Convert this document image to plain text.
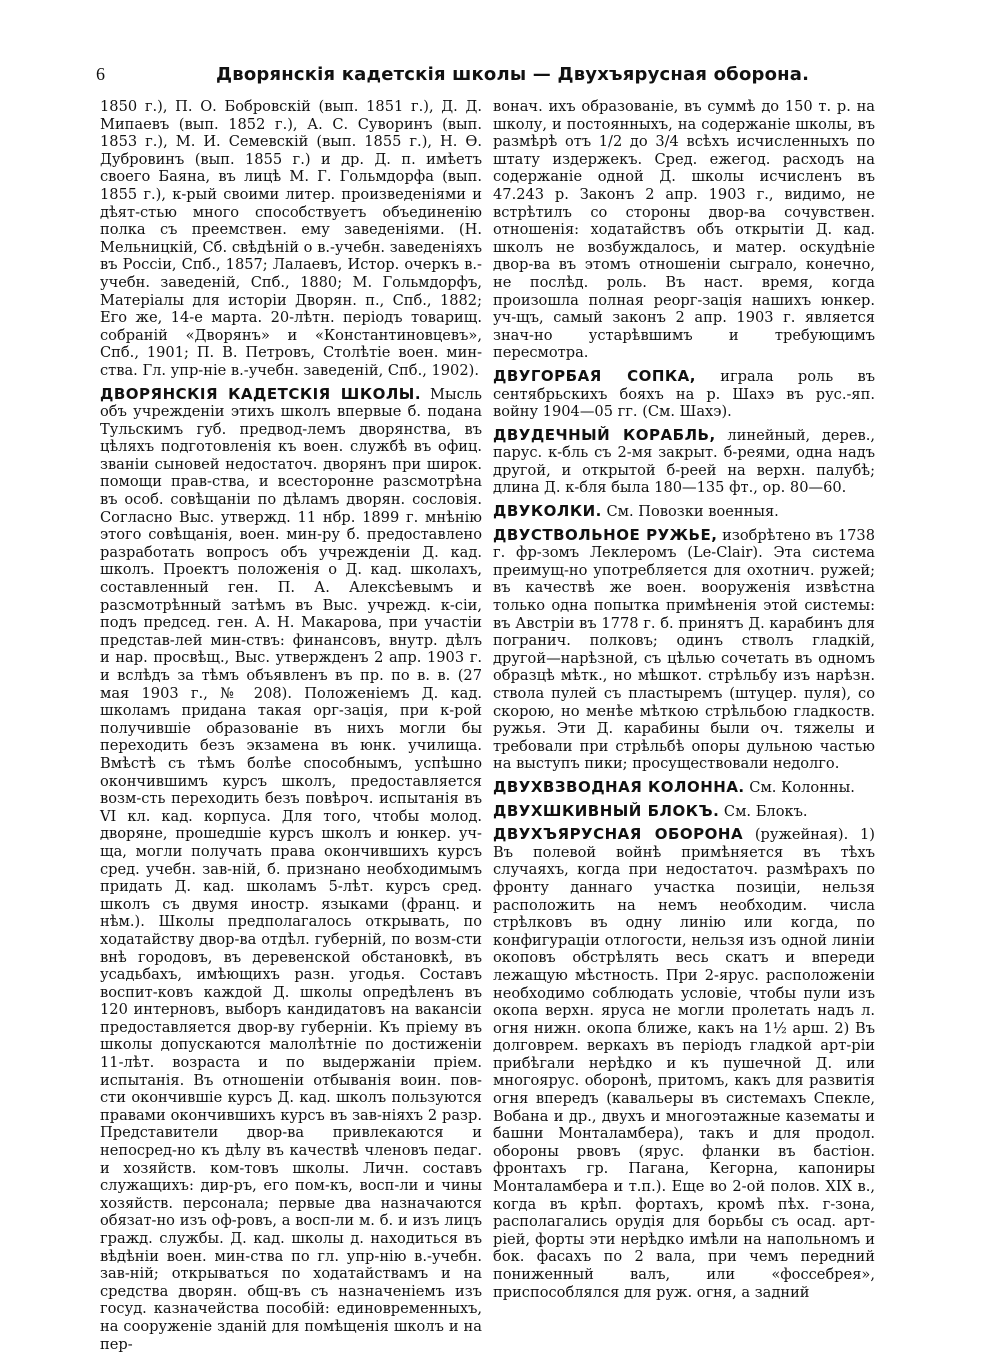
6	Дворянскiя кадетскiя школы — Двухъярусная оборона.

1850 г.), П. О. Бобровскiй (вып. 1851 г.), Д. Д. Мипаевъ (вып. 1852 г.), А. С. Суворинъ (вып. 1853 г.), М. И. Семевскiй (вып. 1855 г.), Н. Ѳ. Дубровинъ (вып. 1855 г.) и др. Д. п. имѣетъ своего Баяна, въ лицѣ М. Г. Гольмдорфа (вып. 1855 г.), к-рый своими литер. произведенiями и дѣят-стью много способствуетъ объединенiю полка съ преемствен. ему заведенiями. (Н. Мельницкiй, Сб. свѣдѣнiй о в.-учебн. заведенiяхъ въ Россiи, Спб., 1857; Лалаевъ, Истор. очеркъ в.-учебн. заведенiй, Спб., 1880; М. Гольмдорфъ, Матерiалы для исторiи Дворян. п., Спб., 1882; Его же, 14-е марта. 20-лѣтн. перiодъ товарищ. собранiй «Дворянъ» и «Константиновцевъ», Спб., 1901; П. В. Петровъ, Столѣтiе воен. мин-ства. Гл. упр-нiе в.-учебн. заведенiй, Спб., 1902).

ДВОРЯНСКIЯ КАДЕТСКIЯ ШКОЛЫ. Мысль объ учрежденiи этихъ школъ впервые б. подана Тульскимъ губ. предвод-лемъ дворянства, въ цѣляхъ подготовленiя къ воен. службѣ въ офиц. званiи сыновей недостаточ. дворянъ при широк. помощи прав-ства, и всесторонне разсмотрѣна въ особ. совѣщанiи по дѣламъ дворян. сословiя. Согласно Выс. утвержд. 11 нбр. 1899 г. мнѣнiю этого совѣщанiя, воен. мин-ру б. предоставлено разработать вопросъ объ учрежденiи Д. кад. школъ. Проектъ положенiя о Д. кад. школахъ, составленный ген. П. А. Алексѣевымъ и разсмотрѣнный затѣмъ въ Выс. учрежд. к-сiи, подъ председ. ген. А. Н. Макарова, при участiи представ-лей мин-ствъ: финансовъ, внутр. дѣлъ и нар. просвѣщ., Выс. утвержденъ 2 апр. 1903 г. и вслѣдъ за тѣмъ объявленъ въ пр. по в. в. (27 мая 1903 г., № 208). Положенiемъ Д. кад. школамъ придана такая орг-зацiя, при к-рой получившiе образованiе въ нихъ могли бы переходить безъ экзамена въ юнк. училища. Вмѣстѣ съ тѣмъ болѣе способнымъ, успѣшно окончившимъ курсъ школъ, предоставляется возм-сть переходить безъ повѣроч. испытанiя въ VI кл. кад. корпуса. Для того, чтобы молод. дворяне, прошедшiе курсъ школъ и юнкер. уч-ща, могли получать права окончившихъ курсъ сред. учебн. зав-нiй, б. признано необходимымъ придать Д. кад. школамъ 5-лѣт. курсъ сред. школъ съ двумя иностр. языками (франц. и нѣм.). Школы предполагалось открывать, по ходатайству двор-ва отдѣл. губернiй, по возм-сти внѣ городовъ, въ деревенской обстановкѣ, въ усадьбахъ, имѣющихъ разн. угодья. Составъ воспит-ковъ каждой Д. школы опредѣленъ въ 120 интерновъ, выборъ кандидатовъ на вакансiи предоставляется двор-ву губернiи. Къ прiему въ школы допускаются малолѣтнiе по достиженiи 11-лѣт. возраста и по выдержанiи прiем. испытанiя. Въ отношенiи отбыванiя воин. пов-сти окончившiе курсъ Д. кад. школъ пользуются правами окончившихъ курсъ въ зав-нiяхъ 2 разр. Представители двор-ва привлекаются и непосред-но къ дѣлу въ качествѣ членовъ педаг. и хозяйств. ком-товъ школы. Личн. составъ служащихъ: дир-ръ, его пом-къ, восп-ли и чины хозяйств. персонала; первые два назначаются обязат-но изъ оф-ровъ, а восп-ли м. б. и изъ лицъ гражд. службы. Д. кад. школы д. находиться въ вѣдѣнiи воен. мин-ства по гл. упр-нiю в.-учебн. зав-нiй; открываться по ходатайствамъ и на средства дворян. общ-въ съ назначенiемъ изъ госуд. казначейства пособiй: единовременныхъ, на сооруженiе зданiй для помѣщенiя школъ и на пер-

вонач. ихъ образованiе, въ суммѣ до 150 т. р. на школу, и постоянныхъ, на содержанiе школы, въ размѣрѣ отъ 1/2 до 3/4 всѣхъ исчисленныхъ по штату издержекъ. Сред. ежегод. расходъ на содержанiе одной Д. школы исчисленъ въ 47.243 р. Законъ 2 апр. 1903 г., видимо, не встрѣтилъ со стороны двор-ва сочувствен. отношенiя: ходатайствъ объ открытiи Д. кад. школъ не возбуждалось, и матер. оскудѣнiе двор-ва въ этомъ отношенiи сыграло, конечно, не послѣд. роль. Въ наст. время, когда произошла полная реорг-зацiя нашихъ юнкер. уч-щъ, самый законъ 2 апр. 1903 г. является знач-но устарѣвшимъ и требующимъ пересмотра.

ДВУГОРБАЯ СОПКА, играла роль въ сентябрьскихъ бояхъ на р. Шахэ въ рус.-яп. войну 1904—05 гг. (См. Шахэ).

ДВУДЕЧНЫЙ КОРАБЛЬ, линейный, дерев., парус. к-бль съ 2-мя закрыт. б-реями, одна надъ другой, и открытой б-реей на верхн. палубѣ; длина Д. к-бля была 180—135 фт., ор. 80—60.

ДВУКОЛКИ. См. Повозки военныя.

ДВУСТВОЛЬНОЕ РУЖЬЕ, изобрѣтено въ 1738 г. фр-зомъ Леклеромъ (Le-Clair). Эта система преимущ-но употребляется для охотнич. ружей; въ качествѣ же воен. вооруженiя извѣстна только одна попытка примѣненiя этой системы: въ Австрiи въ 1778 г. б. принятъ Д. карабинъ для погранич. полковъ; одинъ стволъ гладкiй, другой—нарѣзной, съ цѣлью сочетать въ одномъ образцѣ мѣтк., но мѣшкот. стрѣльбу изъ нарѣзн. ствола пулей съ пластыремъ (штуцер. пуля), со скорою, но менѣе мѣткою стрѣльбою гладкоств. ружья. Эти Д. карабины были оч. тяжелы и требовали при стрѣльбѣ опоры дульною частью на выступъ пики; просуществовали недолго.

ДВУХВЗВОДНАЯ КОЛОННА. См. Колонны.

ДВУХШКИВНЫЙ БЛОКЪ. См. Блокъ.

ДВУХЪЯРУСНАЯ ОБОРОНА (ружейная). 1) Въ полевой войнѣ примѣняется въ тѣхъ случаяхъ, когда при недостаточ. размѣрахъ по фронту даннаго участка позицiи, нельзя расположить на немъ необходим. числа стрѣлковъ въ одну линiю или когда, по конфигурацiи отлогости, нельзя изъ одной линiи окоповъ обстрѣлять весь скатъ и впереди лежащую мѣстность. При 2-ярус. расположенiи необходимо соблюдать условiе, чтобы пули изъ окопа верхн. яруса не могли пролетать надъ л. огня нижн. окопа ближе, какъ на 1½ арш. 2) Въ долговрем. веркахъ въ перiодъ гладкой арт-рiи прибѣгали нерѣдко и къ пушечной Д. или многоярус. оборонѣ, притомъ, какъ для развитiя огня впередъ (кавальеры въ системахъ Спекле, Вобана и др., двухъ и многоэтажные казематы и башни Монталамбера), такъ и для продол. обороны рвовъ (ярус. фланки въ бастiон. фронтахъ гр. Пагана, Кегорна, капониры Монталамбера и т.п.). Еще во 2-ой полов. XIX в., когда въ крѣп. фортахъ, кромѣ пѣх. г-зона, располагались орудiя для борьбы съ осад. арт-рiей, форты эти нерѣдко имѣли на напольномъ и бок. фасахъ по 2 вала, при чемъ передний пониженный валъ, или «фоссебрея», приспособлялся для руж. огня, а задний
